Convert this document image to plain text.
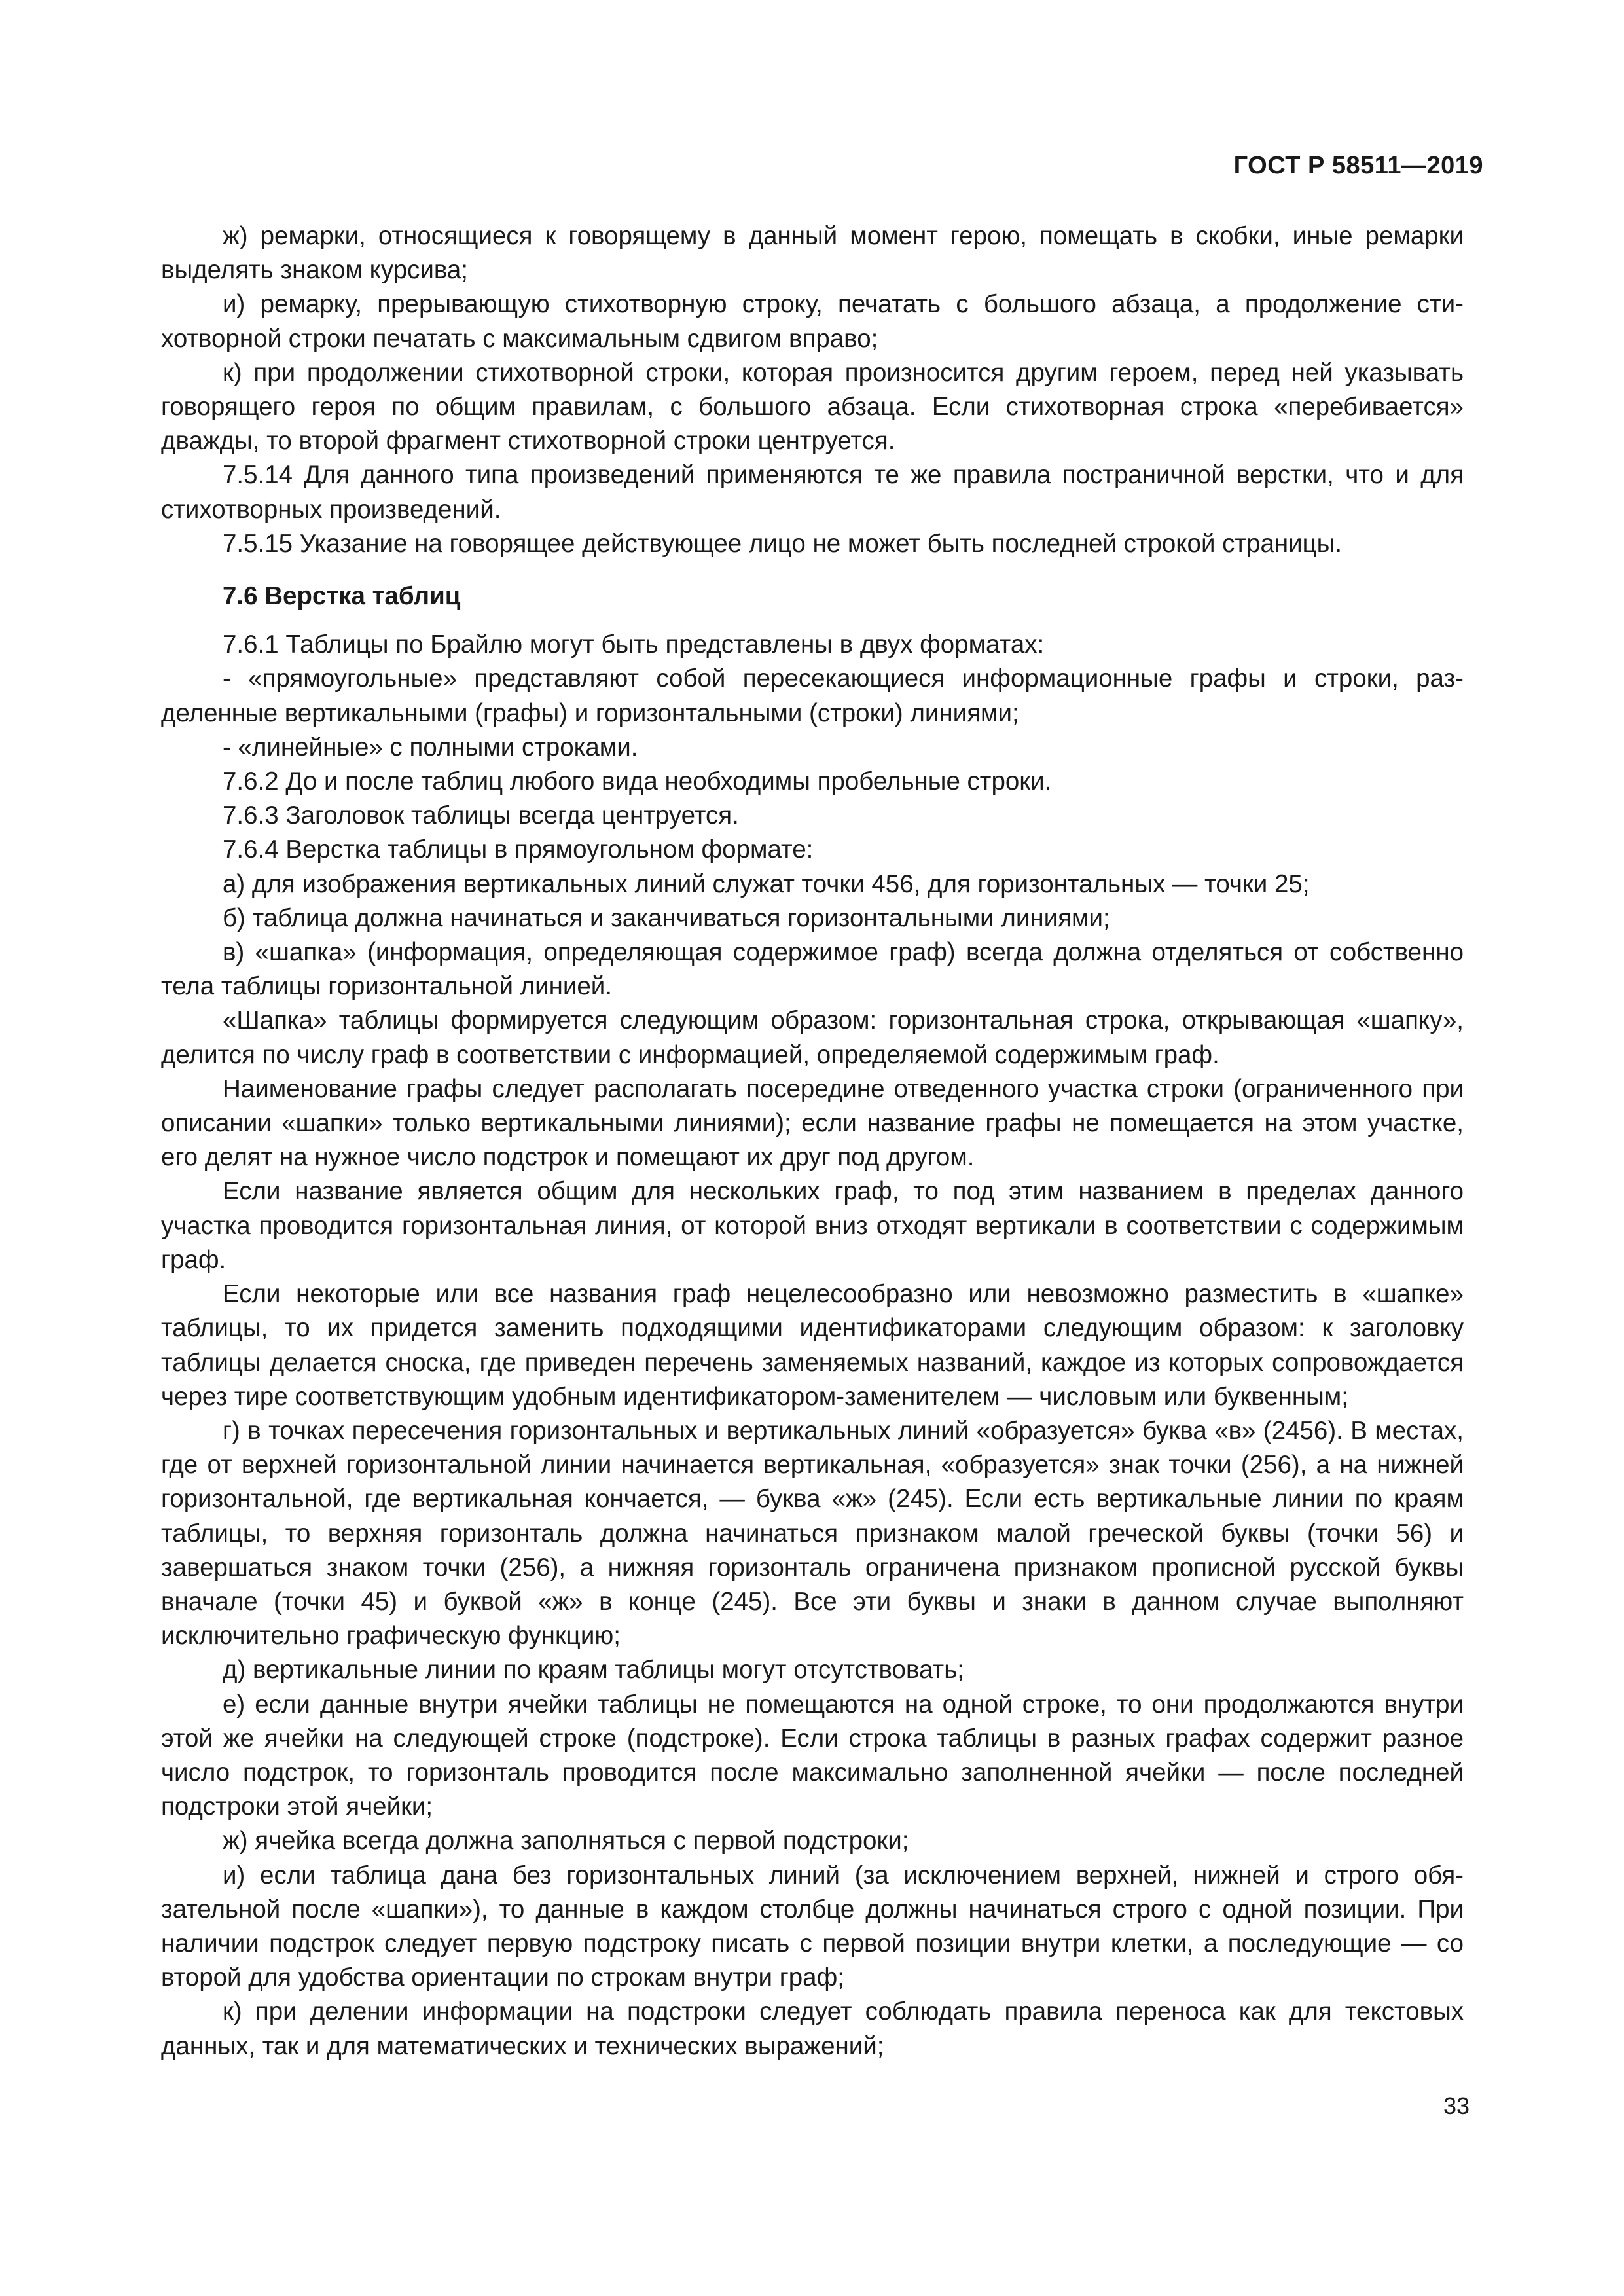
ГОСТ Р 58511—2019

ж) ремарки, относящиеся к говорящему в данный момент герою, помещать в скобки, иные ремарки выделять знаком курсива;

и) ремарку, прерывающую стихотворную строку, печатать с большого абзаца, а продолжение стихотворной строки печатать с максимальным сдвигом вправо;

к) при продолжении стихотворной строки, которая произносится другим героем, перед ней указывать говорящего героя по общим правилам, с большого абзаца. Если стихотворная строка «перебивается» дважды, то второй фрагмент стихотворной строки центруется.

7.5.14 Для данного типа произведений применяются те же правила постраничной верстки, что и для стихотворных произведений.

7.5.15 Указание на говорящее действующее лицо не может быть последней строкой страницы.

7.6 Верстка таблиц

7.6.1 Таблицы по Брайлю могут быть представлены в двух форматах:

- «прямоугольные» представляют собой пересекающиеся информационные графы и строки, разделенные вертикальными (графы) и горизонтальными (строки) линиями;

- «линейные» с полными строками.

7.6.2 До и после таблиц любого вида необходимы пробельные строки.

7.6.3 Заголовок таблицы всегда центруется.

7.6.4 Верстка таблицы в прямоугольном формате:

а) для изображения вертикальных линий служат точки 456, для горизонтальных — точки 25;

б) таблица должна начинаться и заканчиваться горизонтальными линиями;

в) «шапка» (информация, определяющая содержимое граф) всегда должна отделяться от собственно тела таблицы горизонтальной линией.

«Шапка» таблицы формируется следующим образом: горизонтальная строка, открывающая «шапку», делится по числу граф в соответствии с информацией, определяемой содержимым граф.

Наименование графы следует располагать посередине отведенного участка строки (ограниченного при описании «шапки» только вертикальными линиями); если название графы не помещается на этом участке, его делят на нужное число подстрок и помещают их друг под другом.

Если название является общим для нескольких граф, то под этим названием в пределах данного участка проводится горизонтальная линия, от которой вниз отходят вертикали в соответствии с содержимым граф.

Если некоторые или все названия граф нецелесообразно или невозможно разместить в «шапке» таблицы, то их придется заменить подходящими идентификаторами следующим образом: к заголовку таблицы делается сноска, где приведен перечень заменяемых названий, каждое из которых сопровождается через тире соответствующим удобным идентификатором-заменителем — числовым или буквенным;

г) в точках пересечения горизонтальных и вертикальных линий «образуется» буква «в» (2456). В местах, где от верхней горизонтальной линии начинается вертикальная, «образуется» знак точки (256), а на нижней горизонтальной, где вертикальная кончается, — буква «ж» (245). Если есть вертикальные линии по краям таблицы, то верхняя горизонталь должна начинаться признаком малой греческой буквы (точки 56) и завершаться знаком точки (256), а нижняя горизонталь ограничена признаком прописной русской буквы вначале (точки 45) и буквой «ж» в конце (245). Все эти буквы и знаки в данном случае выполняют исключительно графическую функцию;

д) вертикальные линии по краям таблицы могут отсутствовать;

е) если данные внутри ячейки таблицы не помещаются на одной строке, то они продолжаются внутри этой же ячейки на следующей строке (подстроке). Если строка таблицы в разных графах содержит разное число подстрок, то горизонталь проводится после максимально заполненной ячейки — после последней подстроки этой ячейки;

ж) ячейка всегда должна заполняться с первой подстроки;

и) если таблица дана без горизонтальных линий (за исключением верхней, нижней и строго обязательной после «шапки»), то данные в каждом столбце должны начинаться строго с одной позиции. При наличии подстрок следует первую подстроку писать с первой позиции внутри клетки, а последующие — со второй для удобства ориентации по строкам внутри граф;

к) при делении информации на подстроки следует соблюдать правила переноса как для текстовых данных, так и для математических и технических выражений;

33
